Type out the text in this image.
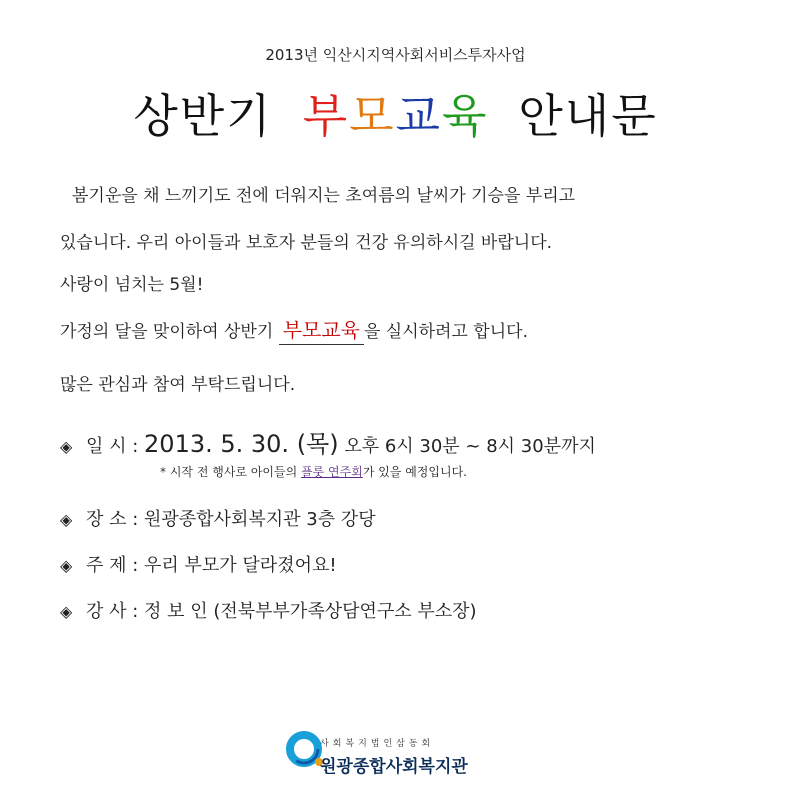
2013년 익산시지역사회서비스투자사업
상반기 부모교육 안내문
봄기운을 채 느끼기도 전에 더워지는 초여름의 날씨가 기승을 부리고
있습니다. 우리 아이들과 보호자 분들의 건강 유의하시길 바랍니다.
사랑이 넘치는 5월!
가정의 달을 맞이하여 상반기 부모교육 을 실시하려고 합니다.
많은 관심과 참여 부탁드립니다.
◈ 일 시 : 2013. 5. 30. (목) 오후 6시 30분 ~ 8시 30분까지
* 시작 전 행사로 아이들의 플룻 연주회가 있을 예정입니다.
◈ 장 소 : 원광종합사회복지관 3층 강당
◈ 주 제 : 우리 부모가 달라졌어요!
◈ 강 사 : 정 보 인 (전북부부가족상담연구소 부소장)
사회복지법인삼동회
원광종합사회복지관
